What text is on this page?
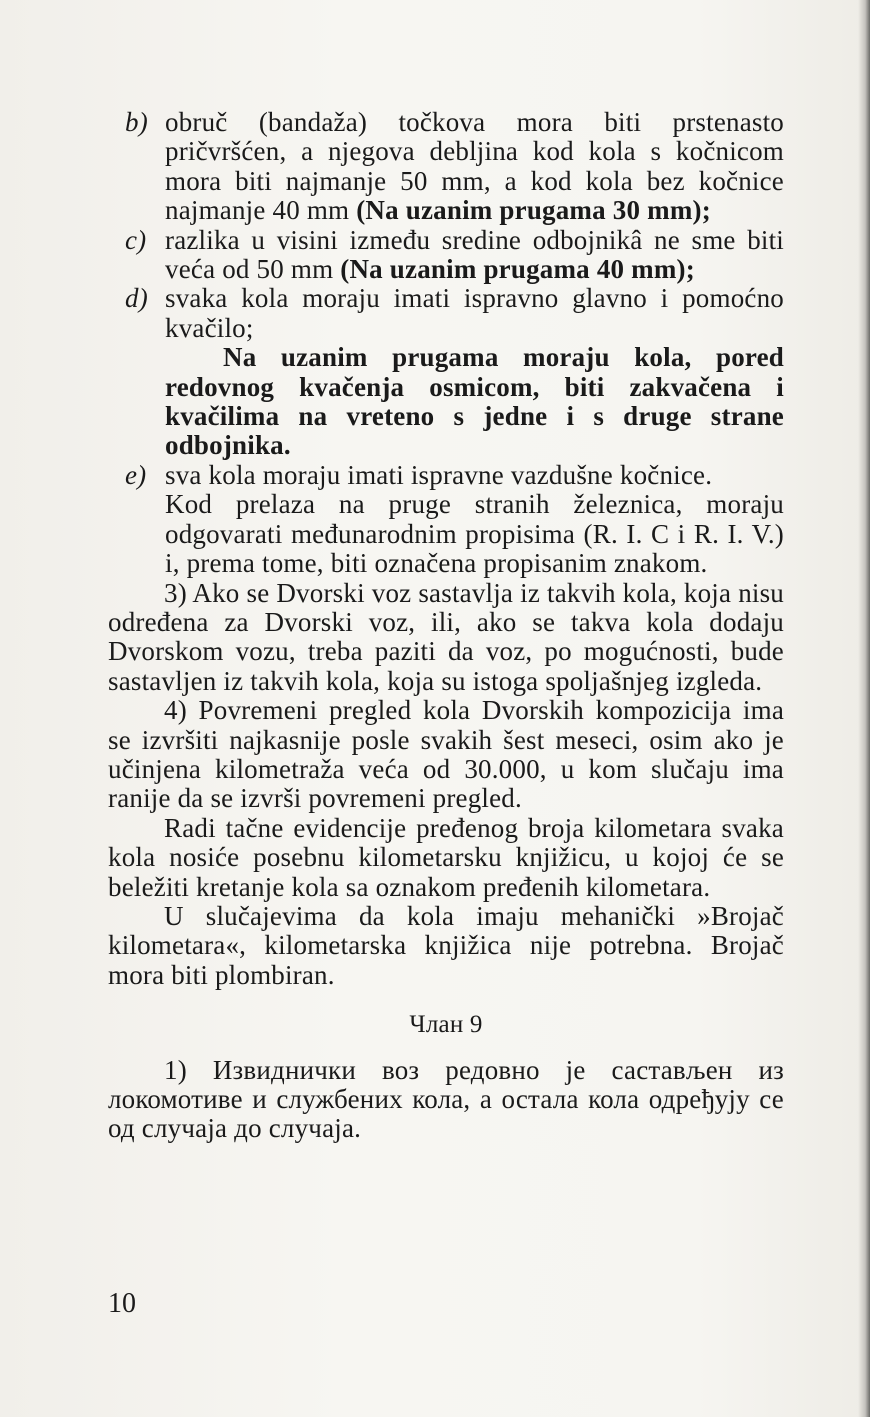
b) obruč (bandaža) točkova mora biti prstenasto pričvršćen, a njegova debljina kod kola s kočnicom mora biti najmanje 50 mm, a kod kola bez kočnice najmanje 40 mm (Na uzanim prugama 30 mm);

c) razlika u visini između sredine odbojnikâ ne sme biti veća od 50 mm (Na uzanim prugama 40 mm);

d) svaka kola moraju imati ispravno glavno i pomoćno kvačilo;

Na uzanim prugama moraju kola, pored redovnog kvačenja osmicom, biti zakvačena i kvačilima na vreteno s jedne i s druge strane odbojnika.

e) sva kola moraju imati ispravne vazdušne kočnice.

Kod prelaza na pruge stranih železnica, moraju odgovarati međunarodnim propisima (R. I. C i R. I. V.) i, prema tome, biti označena propisanim znakom.

3) Ako se Dvorski voz sastavlja iz takvih kola, koja nisu određena za Dvorski voz, ili, ako se takva kola dodaju Dvorskom vozu, treba paziti da voz, po mogućnosti, bude sastavljen iz takvih kola, koja su istoga spoljašnjeg izgleda.

4) Povremeni pregled kola Dvorskih kompozicija ima se izvršiti najkasnije posle svakih šest meseci, osim ako je učinjena kilometraža veća od 30.000, u kom slučaju ima ranije da se izvrši povremeni pregled.

Radi tačne evidencije pređenog broja kilometara svaka kola nosiće posebnu kilometarsku knjižicu, u kojoj će se beležiti kretanje kola sa oznakom pređenih kilometara.

U slučajevima da kola imaju mehanički »Brojač kilometara«, kilometarska knjižica nije potrebna. Brojač mora biti plombiran.

Члан 9

1) Извиднички воз редовно је састављен из локомотиве и службених кола, а остала кола одређују се од случаја до случаја.

10
